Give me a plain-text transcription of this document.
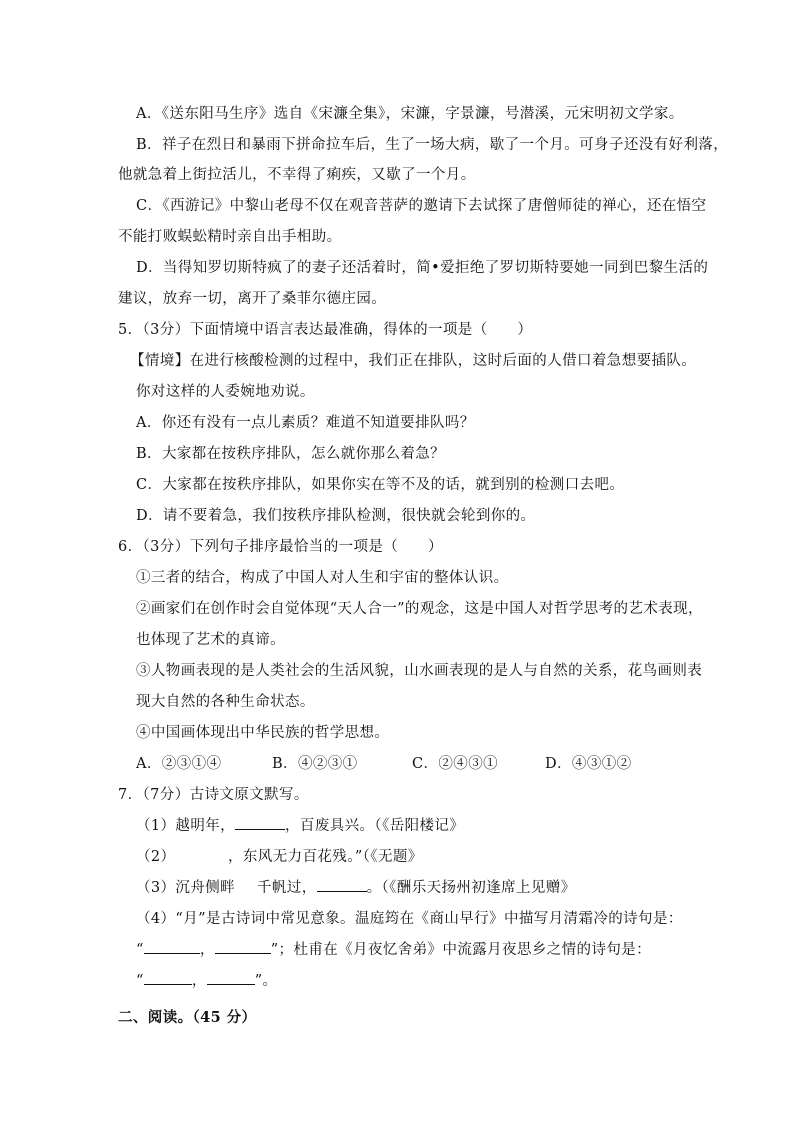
A．《送东阳马生序》选自《宋濂全集》，宋濂，字景濂，号潜溪，元宋明初文学家。
B．祥子在烈日和暴雨下拼命拉车后，生了一场大病，歇了一个月。可身子还没有好利落，
他就急着上街拉活儿，不幸得了痢疾，又歇了一个月。
C．《西游记》中黎山老母不仅在观音菩萨的邀请下去试探了唐僧师徒的禅心，还在悟空
不能打败蜈蚣精时亲自出手相助。
D．当得知罗切斯特疯了的妻子还活着时，简•爱拒绝了罗切斯特要她一同到巴黎生活的
建议，放弃一切，离开了桑菲尔德庄园。
5．（3分）下面情境中语言表达最准确，得体的一项是（　　）
【情境】在进行核酸检测的过程中，我们正在排队，这时后面的人借口着急想要插队。
你对这样的人委婉地劝说。
A．你还有没有一点儿素质？难道不知道要排队吗？
B．大家都在按秩序排队，怎么就你那么着急？
C．大家都在按秩序排队，如果你实在等不及的话，就到别的检测口去吧。
D．请不要着急，我们按秩序排队检测，很快就会轮到你的。
6．（3分）下列句子排序最恰当的一项是（　　）
①三者的结合，构成了中国人对人生和宇宙的整体认识。
②画家们在创作时会自觉体现“天人合一”的观念，这是中国人对哲学思考的艺术表现，
也体现了艺术的真谛。
③人物画表现的是人类社会的生活风貌，山水画表现的是人与自然的关系，花鸟画则表
现大自然的各种生命状态。
④中国画体现出中华民族的哲学思想。
A．②③①④	B．④②③①	C．②④③①	D．④③①②
7．（7分）古诗文原文默写。
（1）越明年，	，百废具兴。（《岳阳楼记》
（2）	，东风无力百花残。”（《无题》
（3）沉舟侧畔 千帆过，	。（《酬乐天扬州初逢席上见赠》
（4）“月”是古诗词中常见意象。温庭筠在《商山早行》中描写月清霜冷的诗句是：
“	，	”；杜甫在《月夜忆舍弟》中流露月夜思乡之情的诗句是：
“	，	”。
二、阅读。（45 分）
